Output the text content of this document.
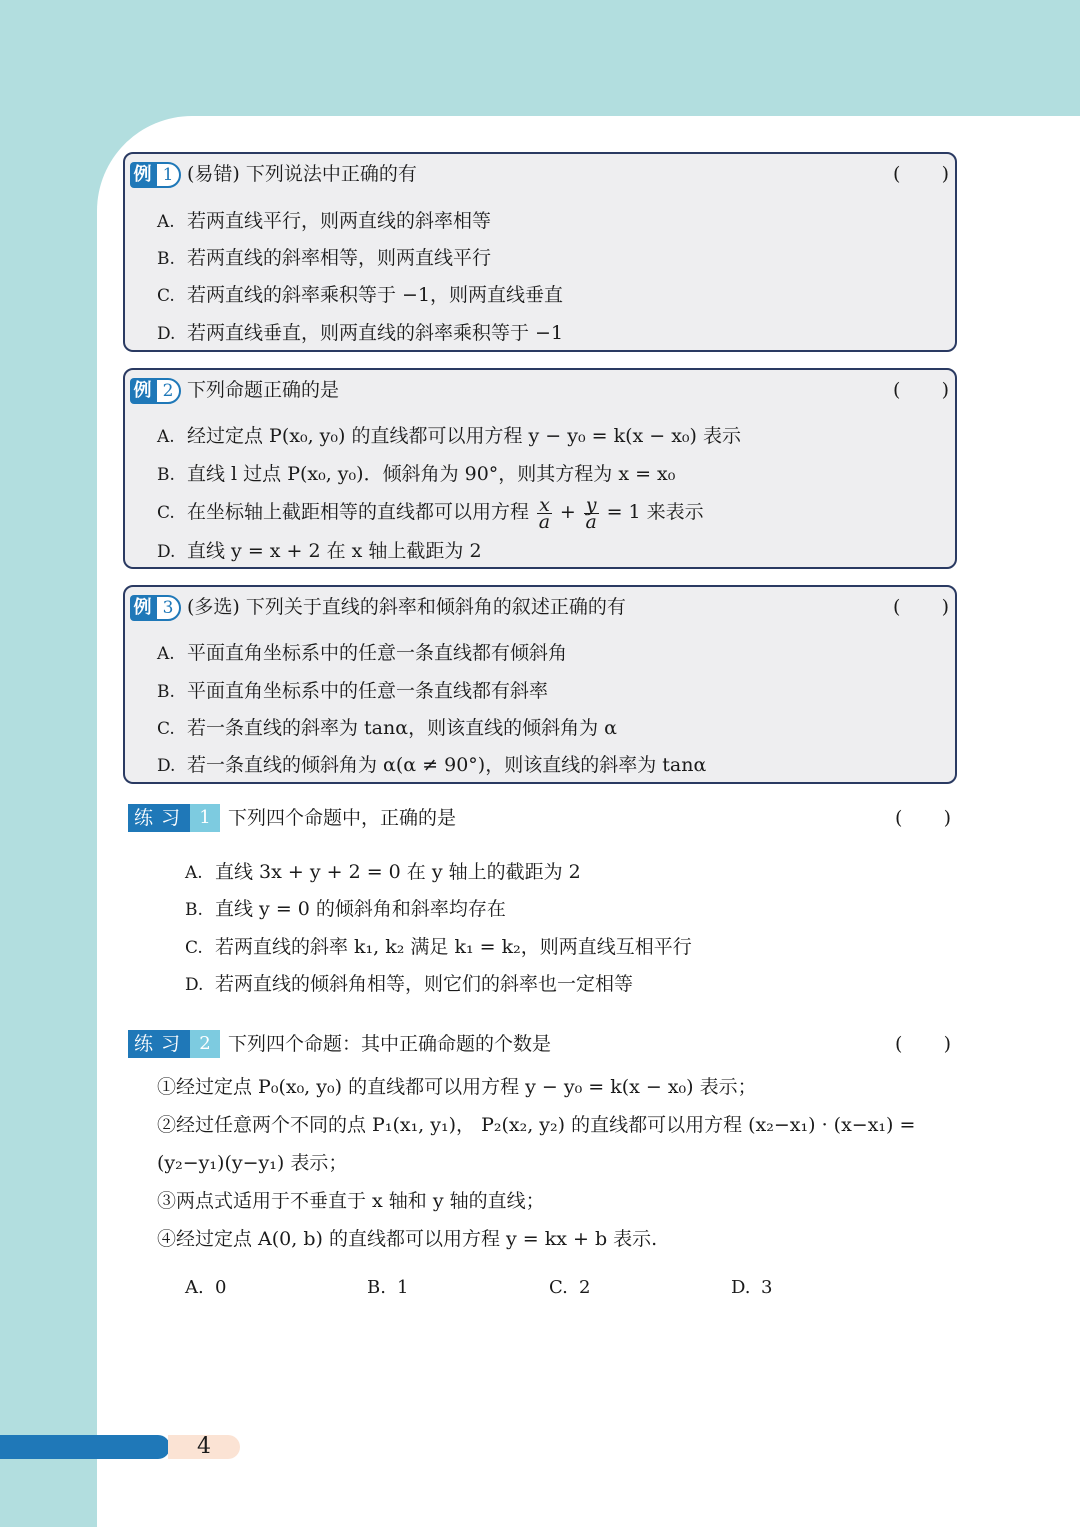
例 1 (易错) 下列说法中正确的有	( )
A. 若两直线平行，则两直线的斜率相等
B. 若两直线的斜率相等，则两直线平行
C. 若两直线的斜率乘积等于 −1，则两直线垂直
D. 若两直线垂直，则两直线的斜率乘积等于 −1
例 2 下列命题正确的是	( )
A. 经过定点 P(x₀, y₀) 的直线都可以用方程 y − y₀ = k(x − x₀) 表示
B. 直线 l 过点 P(x₀, y₀)．倾斜角为 90°，则其方程为 x = x₀
C. 在坐标轴上截距相等的直线都可以用方程 $\frac{x}{a} + \frac{y}{a} = 1$ 来表示
D. 直线 y = x + 2 在 x 轴上截距为 2
例 3 (多选) 下列关于直线的斜率和倾斜角的叙述正确的有	( )
A. 平面直角坐标系中的任意一条直线都有倾斜角
B. 平面直角坐标系中的任意一条直线都有斜率
C. 若一条直线的斜率为 tanα，则该直线的倾斜角为 α
D. 若一条直线的倾斜角为 α(α ≠ 90°)，则该直线的斜率为 tanα
练习 1 下列四个命题中，正确的是	( )
A. 直线 3x + y + 2 = 0 在 y 轴上的截距为 2
B. 直线 y = 0 的倾斜角和斜率均存在
C. 若两直线的斜率 k₁, k₂ 满足 k₁ = k₂，则两直线互相平行
D. 若两直线的倾斜角相等，则它们的斜率也一定相等
练习 2 下列四个命题：其中正确命题的个数是	( )
①经过定点 P₀(x₀, y₀) 的直线都可以用方程 y − y₀ = k(x − x₀) 表示；
②经过任意两个不同的点 P₁(x₁, y₁)， P₂(x₂, y₂) 的直线都可以用方程 (x₂−x₁) · (x−x₁) =
(y₂−y₁)(y−y₁) 表示；
③两点式适用于不垂直于 x 轴和 y 轴的直线；
④经过定点 A(0, b) 的直线都可以用方程 y = kx + b 表示.
A. 0	B. 1	C. 2	D. 3
4
